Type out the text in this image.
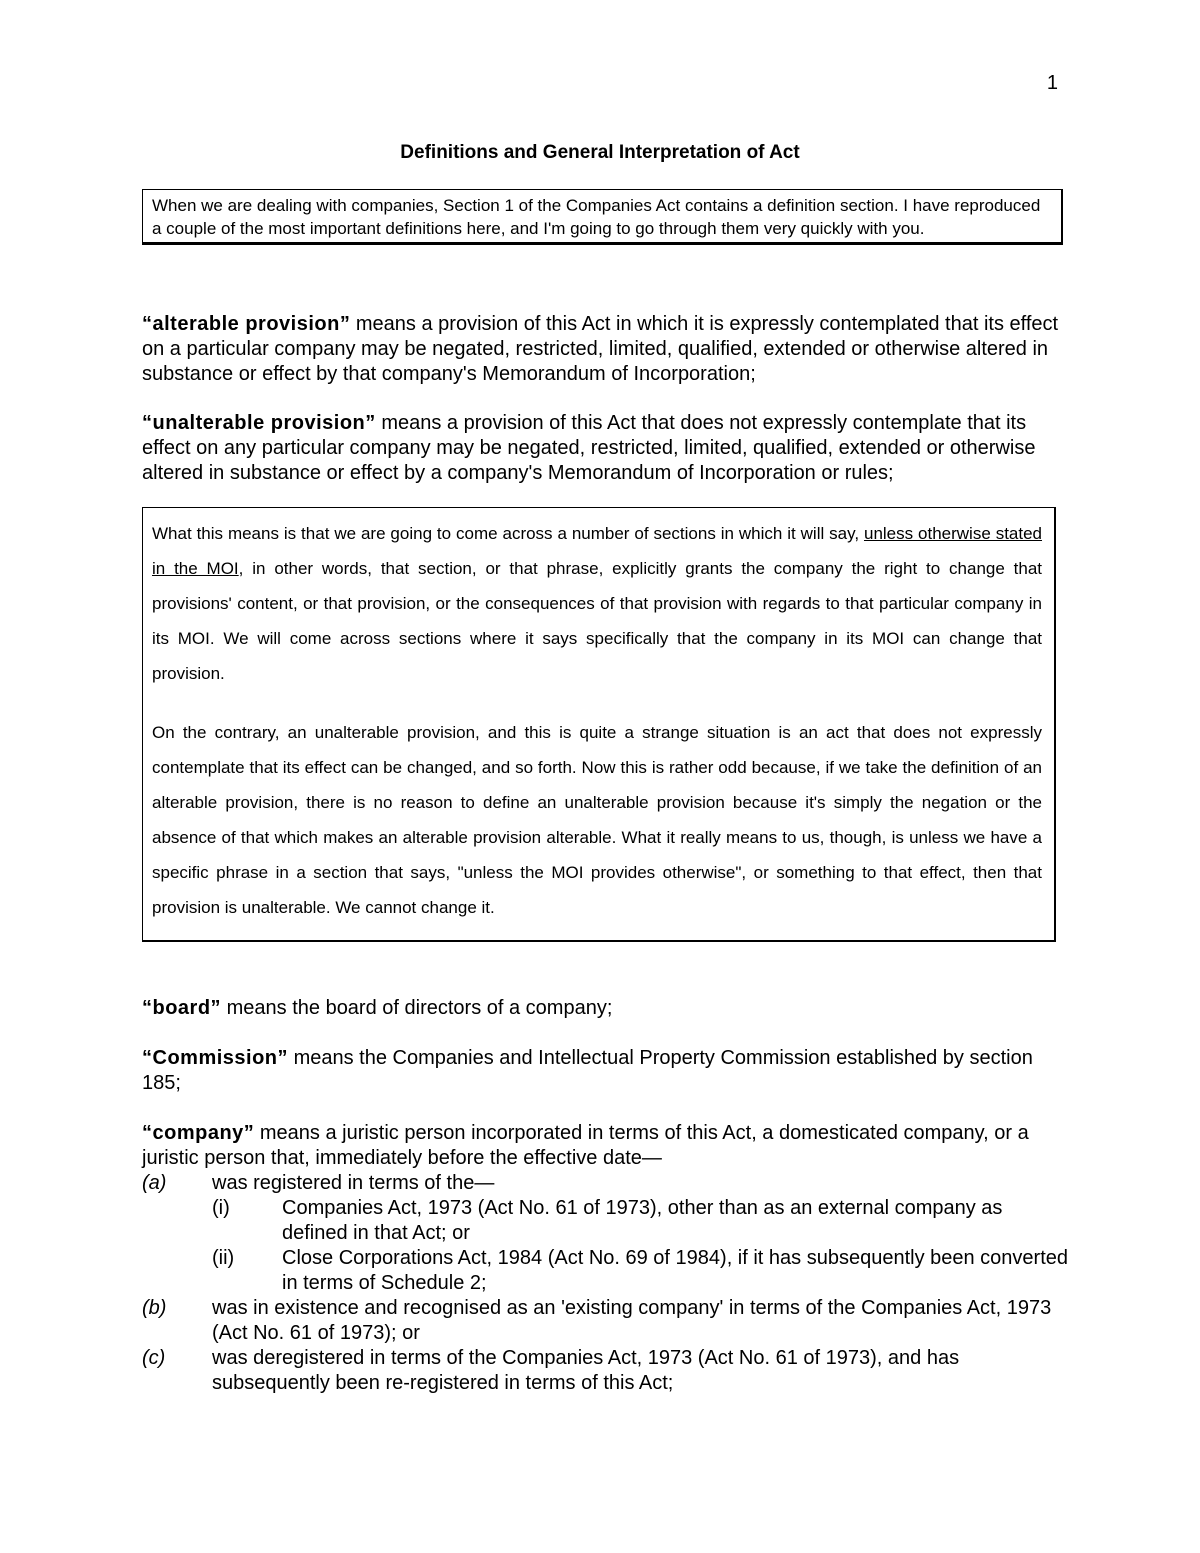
1
Definitions and General Interpretation of Act
When we are dealing with companies, Section 1 of the Companies Act contains a definition section. I have reproduced a couple of the most important definitions here, and I'm going to go through them very quickly with you.
“alterable provision” means a provision of this Act in which it is expressly contemplated that its effect on a particular company may be negated, restricted, limited, qualified, extended or otherwise altered in substance or effect by that company's Memorandum of Incorporation;
“unalterable provision” means a provision of this Act that does not expressly contemplate that its effect on any particular company may be negated, restricted, limited, qualified, extended or otherwise altered in substance or effect by a company's Memorandum of Incorporation or rules;

What this means is that we are going to come across a number of sections in which it will say, unless otherwise stated in the MOI, in other words, that section, or that phrase, explicitly grants the company the right to change that provisions' content, or that provision, or the consequences of that provision with regards to that particular company in its MOI. We will come across sections where it says specifically that the company in its MOI can change that provision.

On the contrary, an unalterable provision, and this is quite a strange situation is an act that does not expressly contemplate that its effect can be changed, and so forth. Now this is rather odd because, if we take the definition of an alterable provision, there is no reason to define an unalterable provision because it's simply the negation or the absence of that which makes an alterable provision alterable. What it really means to us, though, is unless we have a specific phrase in a section that says, "unless the MOI provides otherwise", or something to that effect, then that provision is unalterable. We cannot change it.

“board” means the board of directors of a company;
“Commission” means the Companies and Intellectual Property Commission established by section 185;
“company” means a juristic person incorporated in terms of this Act, a domesticated company, or a juristic person that, immediately before the effective date—
(a)	was registered in terms of the—
(i)	Companies Act, 1973 (Act No. 61 of 1973), other than as an external company as defined in that Act; or
(ii)	Close Corporations Act, 1984 (Act No. 69 of 1984), if it has subsequently been converted in terms of Schedule 2;
(b)	was in existence and recognised as an 'existing company' in terms of the Companies Act, 1973 (Act No. 61 of 1973); or
(c)	was deregistered in terms of the Companies Act, 1973 (Act No. 61 of 1973), and has subsequently been re-registered in terms of this Act;
